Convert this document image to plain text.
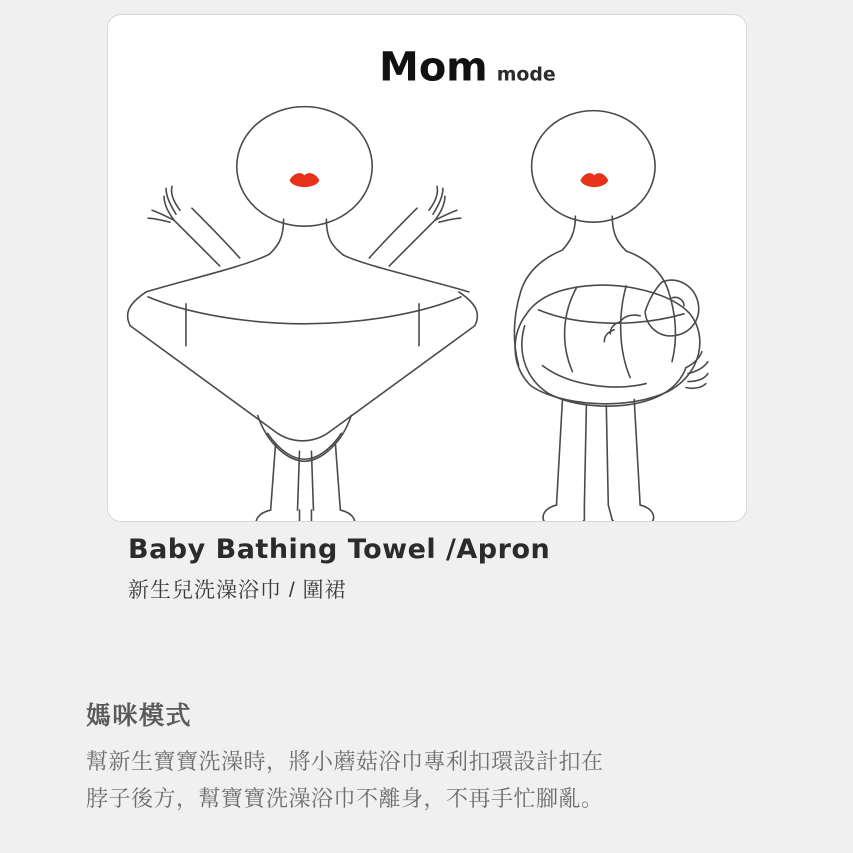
Mom mode
Baby Bathing Towel /Apron
新生兒洗澡浴巾 / 圍裙
媽咪模式
幫新生寶寶洗澡時，將小蘑菇浴巾專利扣環設計扣在
脖子後方，幫寶寶洗澡浴巾不離身，不再手忙腳亂。
